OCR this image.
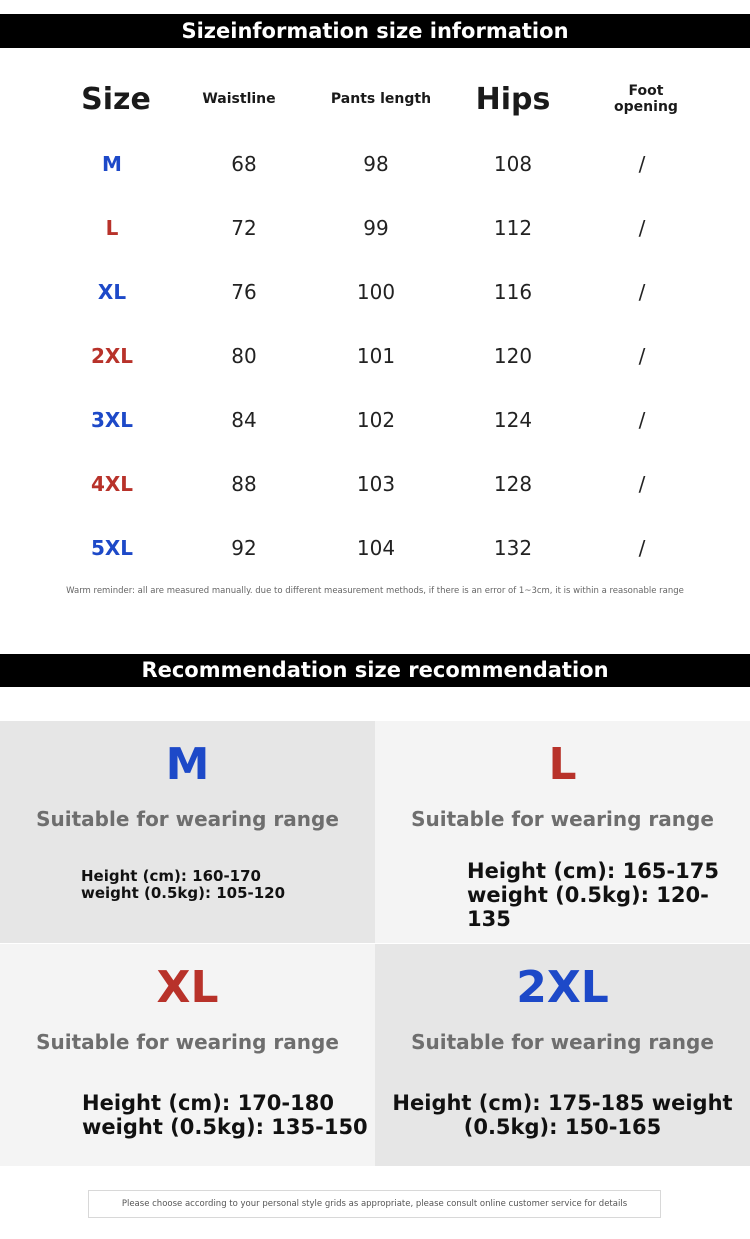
Sizeinformation size information
Size	Waistline	Pants length	Hips	Foot
opening
M	68	98	108	/
L	72	99	112	/
XL	76	100	116	/
2XL	80	101	120	/
3XL	84	102	124	/
4XL	88	103	128	/
5XL	92	104	132	/
Warm reminder: all are measured manually. due to different measurement methods, if there is an error of 1~3cm, it is within a reasonable range
Recommendation size recommendation
M
Suitable for wearing range
Height (cm): 160-170
weight (0.5kg): 105-120
L
Suitable for wearing range
Height (cm): 165-175
weight (0.5kg): 120-135
XL
Suitable for wearing range
Height (cm): 170-180
weight (0.5kg): 135-150
2XL
Suitable for wearing range
Height (cm): 175-185 weight
(0.5kg): 150-165
Please choose according to your personal style grids as appropriate, please consult online customer service for details
